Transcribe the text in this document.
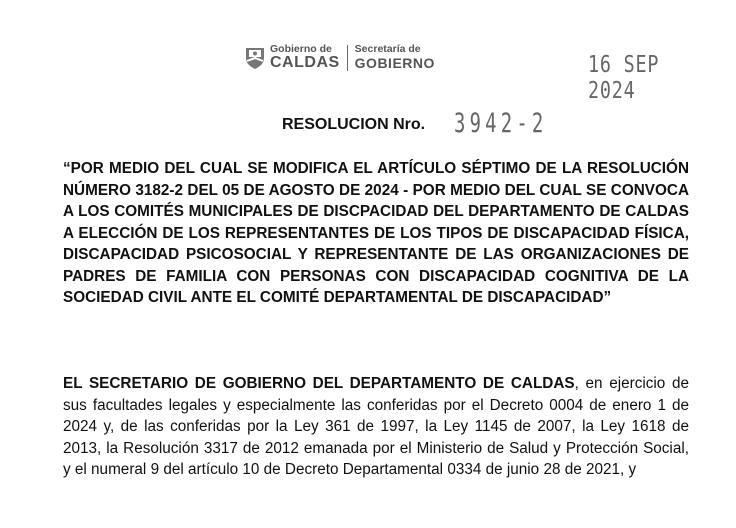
Gobierno de
CALDAS
Secretaría de
GOBIERNO	16 SEP 2024
RESOLUCION Nro. 3942-2
“POR MEDIO DEL CUAL SE MODIFICA EL ARTÍCULO SÉPTIMO DE LA RESOLUCIÓN NÚMERO 3182-2 DEL 05 DE AGOSTO DE 2024 - POR MEDIO DEL CUAL SE CONVOCA A LOS COMITÉS MUNICIPALES DE DISCPACIDAD DEL DEPARTAMENTO DE CALDAS A ELECCIÓN DE LOS REPRESENTANTES DE LOS TIPOS DE DISCAPACIDAD FÍSICA, DISCAPACIDAD PSICOSOCIAL Y REPRESENTANTE DE LAS ORGANIZACIONES DE PADRES DE FAMILIA CON PERSONAS CON DISCAPACIDAD COGNITIVA DE LA SOCIEDAD CIVIL ANTE EL COMITÉ DEPARTAMENTAL DE DISCAPACIDAD”
EL SECRETARIO DE GOBIERNO DEL DEPARTAMENTO DE CALDAS, en ejercicio de sus facultades legales y especialmente las conferidas por el Decreto 0004 de enero 1 de 2024 y, de las conferidas por la Ley 361 de 1997, la Ley 1145 de 2007, la Ley 1618 de 2013, la Resolución 3317 de 2012 emanada por el Ministerio de Salud y Protección Social, y el numeral 9 del artículo 10 de Decreto Departamental 0334 de junio 28 de 2021, y
